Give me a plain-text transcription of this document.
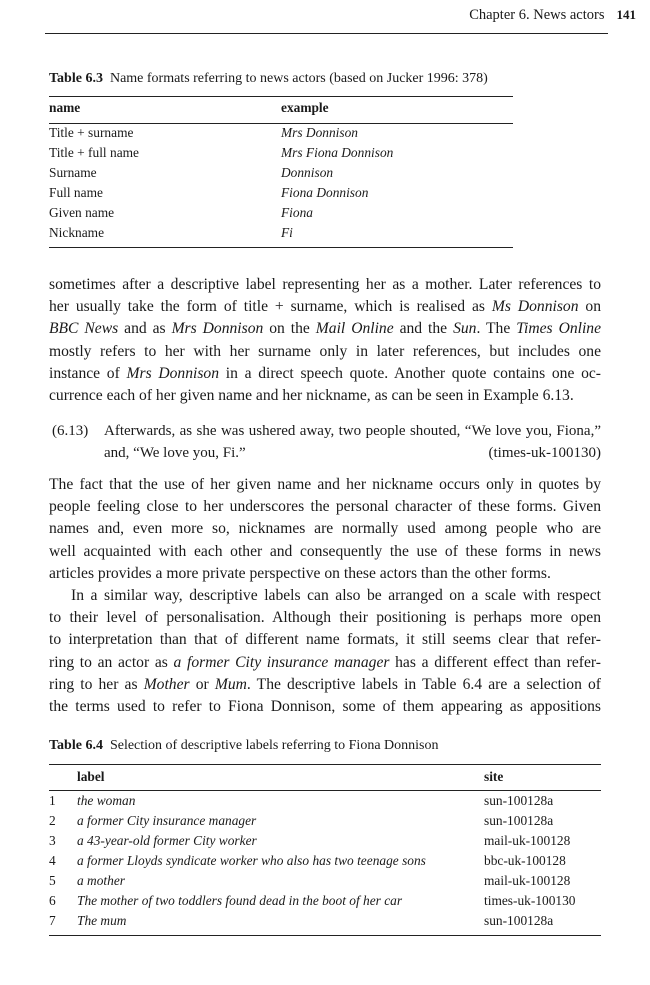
Chapter 6. News actors 141
Table 6.3 Name formats referring to news actors (based on Jucker 1996: 378)
name	example
Title + surname	Mrs Donnison
Title + full name	Mrs Fiona Donnison
Surname	Donnison
Full name	Fiona Donnison
Given name	Fiona
Nickname	Fi
sometimes after a descriptive label representing her as a mother. Later references to
her usually take the form of title + surname, which is realised as Ms Donnison on
BBC News and as Mrs Donnison on the Mail Online and the Sun. The Times Online
mostly refers to her with her surname only in later references, but includes one
instance of Mrs Donnison in a direct speech quote. Another quote contains one oc-
currence each of her given name and her nickname, as can be seen in Example 6.13.
(6.13) Afterwards, as she was ushered away, two people shouted, “We love you, Fiona,”
and, “We love you, Fi.”	(times-uk-100130)
The fact that the use of her given name and her nickname occurs only in quotes by
people feeling close to her underscores the personal character of these forms. Given
names and, even more so, nicknames are normally used among people who are
well acquainted with each other and consequently the use of these forms in news
articles provides a more private perspective on these actors than the other forms.
In a similar way, descriptive labels can also be arranged on a scale with respect
to their level of personalisation. Although their positioning is perhaps more open
to interpretation than that of different name formats, it still seems clear that refer-
ring to an actor as a former City insurance manager has a different effect than refer-
ring to her as Mother or Mum. The descriptive labels in Table 6.4 are a selection of
the terms used to refer to Fiona Donnison, some of them appearing as appositions
Table 6.4 Selection of descriptive labels referring to Fiona Donnison
label	site
1 the woman	sun-100128a
2 a former City insurance manager	sun-100128a
3 a 43-year-old former City worker	mail-uk-100128
4 a former Lloyds syndicate worker who also has two teenage sons	bbc-uk-100128
5 a mother	mail-uk-100128
6 The mother of two toddlers found dead in the boot of her car	times-uk-100130
7 The mum	sun-100128a
